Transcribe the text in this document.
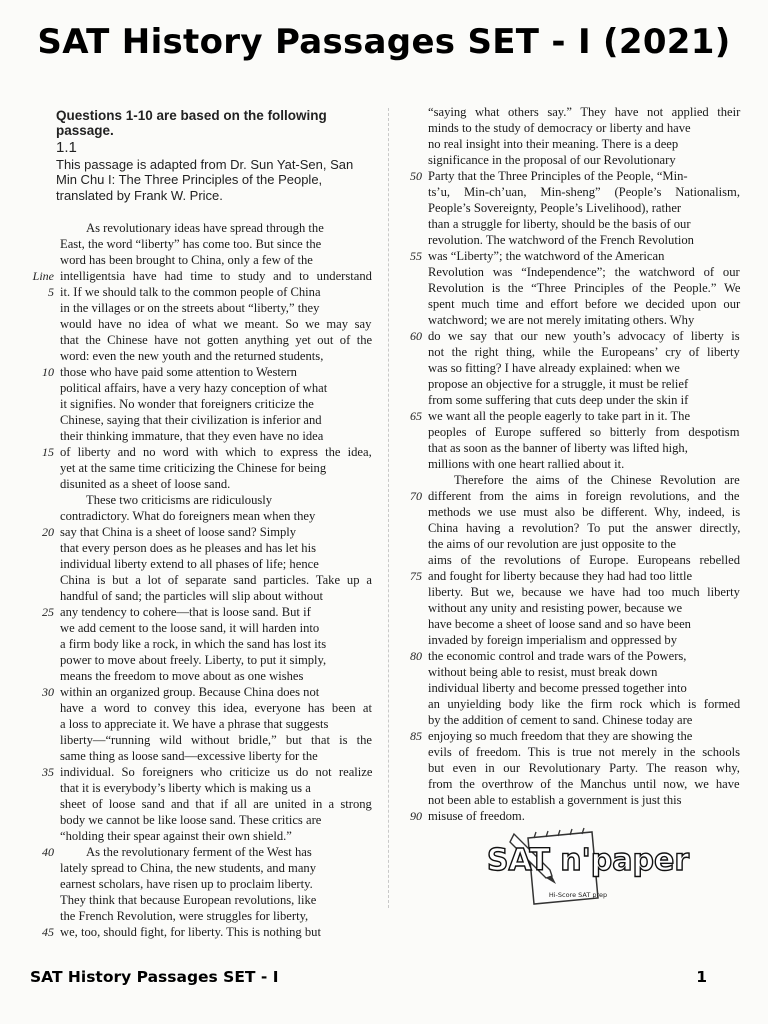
SAT History Passages SET - I (2021)
Questions 1-10 are based on the following passage.
1.1
This passage is adapted from Dr. Sun Yat-Sen, San Min Chu I: The Three Principles of the People, translated by Frank W. Price.
As revolutionary ideas have spread through the
East, the word “liberty” has come too. But since the
word has been brought to China, only a few of the
intelligentsia have had time to study and to understand
it. If we should talk to the common people of China
in the villages or on the streets about “liberty,” they
would have no idea of what we meant. So we may say
that the Chinese have not gotten anything yet out of the
word: even the new youth and the returned students,
those who have paid some attention to Western
political affairs, have a very hazy conception of what
it signifies. No wonder that foreigners criticize the
Chinese, saying that their civilization is inferior and
their thinking immature, that they even have no idea
of liberty and no word with which to express the idea,
yet at the same time criticizing the Chinese for being
disunited as a sheet of loose sand.
These two criticisms are ridiculously
contradictory. What do foreigners mean when they
say that China is a sheet of loose sand? Simply
that every person does as he pleases and has let his
individual liberty extend to all phases of life; hence
China is but a lot of separate sand particles. Take up a
handful of sand; the particles will slip about without
any tendency to cohere—that is loose sand. But if
we add cement to the loose sand, it will harden into
a firm body like a rock, in which the sand has lost its
power to move about freely. Liberty, to put it simply,
means the freedom to move about as one wishes
within an organized group. Because China does not
have a word to convey this idea, everyone has been at
a loss to appreciate it. We have a phrase that suggests
liberty—“running wild without bridle,” but that is the
same thing as loose sand—excessive liberty for the
individual. So foreigners who criticize us do not realize
that it is everybody’s liberty which is making us a
sheet of loose sand and that if all are united in a strong
body we cannot be like loose sand. These critics are
“holding their spear against their own shield.”
As the revolutionary ferment of the West has
lately spread to China, the new students, and many
earnest scholars, have risen up to proclaim liberty.
They think that because European revolutions, like
the French Revolution, were struggles for liberty,
we, too, should fight, for liberty. This is nothing but
“saying what others say.” They have not applied their
minds to the study of democracy or liberty and have
no real insight into their meaning. There is a deep
significance in the proposal of our Revolutionary
Party that the Three Principles of the People, “Min-
ts’u, Min-ch’uan, Min-sheng” (People’s Nationalism,
People’s Sovereignty, People’s Livelihood), rather
than a struggle for liberty, should be the basis of our
revolution. The watchword of the French Revolution
was “Liberty”; the watchword of the American
Revolution was “Independence”; the watchword of our
Revolution is the “Three Principles of the People.” We
spent much time and effort before we decided upon our
watchword; we are not merely imitating others. Why
do we say that our new youth’s advocacy of liberty is
not the right thing, while the Europeans’ cry of liberty
was so fitting? I have already explained: when we
propose an objective for a struggle, it must be relief
from some suffering that cuts deep under the skin if
we want all the people eagerly to take part in it. The
peoples of Europe suffered so bitterly from despotism
that as soon as the banner of liberty was lifted high,
millions with one heart rallied about it.
Therefore the aims of the Chinese Revolution are
different from the aims in foreign revolutions, and the
methods we use must also be different. Why, indeed, is
China having a revolution? To put the answer directly,
the aims of our revolution are just opposite to the
aims of the revolutions of Europe. Europeans rebelled
and fought for liberty because they had had too little
liberty. But we, because we have had too much liberty
without any unity and resisting power, because we
have become a sheet of loose sand and so have been
invaded by foreign imperialism and oppressed by
the economic control and trade wars of the Powers,
without being able to resist, must break down
individual liberty and become pressed together into
an unyielding body like the firm rock which is formed
by the addition of cement to sand. Chinese today are
enjoying so much freedom that they are showing the
evils of freedom. This is true not merely in the schools
but even in our Revolutionary Party. The reason why,
from the overthrow of the Manchus until now, we have
not been able to establish a government is just this
misuse of freedom.
SAT n'paper
Hi-Score SAT prep
SAT History Passages SET - I	1
5
10
15
20
25
30
35
40
45
Line
50
55
60
65
70
75
80
85
90
